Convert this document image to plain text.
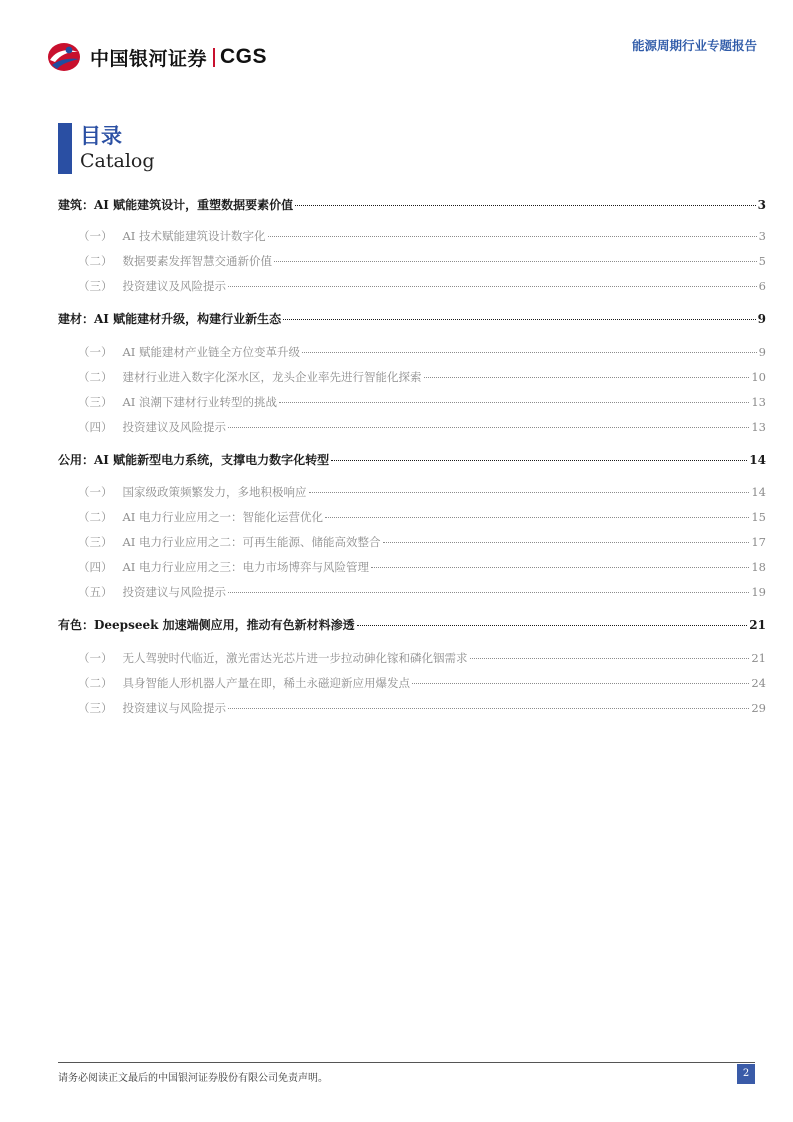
中国银河证券 CGS	能源周期行业专题报告
目录
Catalog
建筑：AI 赋能建筑设计，重塑数据要素价值	3
（一） AI 技术赋能建筑设计数字化	3
（二） 数据要素发挥智慧交通新价值	5
（三） 投资建议及风险提示	6
建材：AI 赋能建材升级，构建行业新生态	9
（一） AI 赋能建材产业链全方位变革升级	9
（二） 建材行业进入数字化深水区，龙头企业率先进行智能化探索	10
（三） AI 浪潮下建材行业转型的挑战	13
（四） 投资建议及风险提示	13
公用：AI 赋能新型电力系统，支撑电力数字化转型	14
（一） 国家级政策频繁发力，多地积极响应	14
（二） AI 电力行业应用之一：智能化运营优化	15
（三） AI 电力行业应用之二：可再生能源、储能高效整合	17
（四） AI 电力行业应用之三：电力市场博弈与风险管理	18
（五） 投资建议与风险提示	19
有色：Deepseek 加速端侧应用，推动有色新材料渗透	21
（一） 无人驾驶时代临近，激光雷达光芯片进一步拉动砷化镓和磷化铟需求	21
（二） 具身智能人形机器人产量在即，稀土永磁迎新应用爆发点	24
（三） 投资建议与风险提示	29
请务必阅读正文最后的中国银河证券股份有限公司免责声明。	2
